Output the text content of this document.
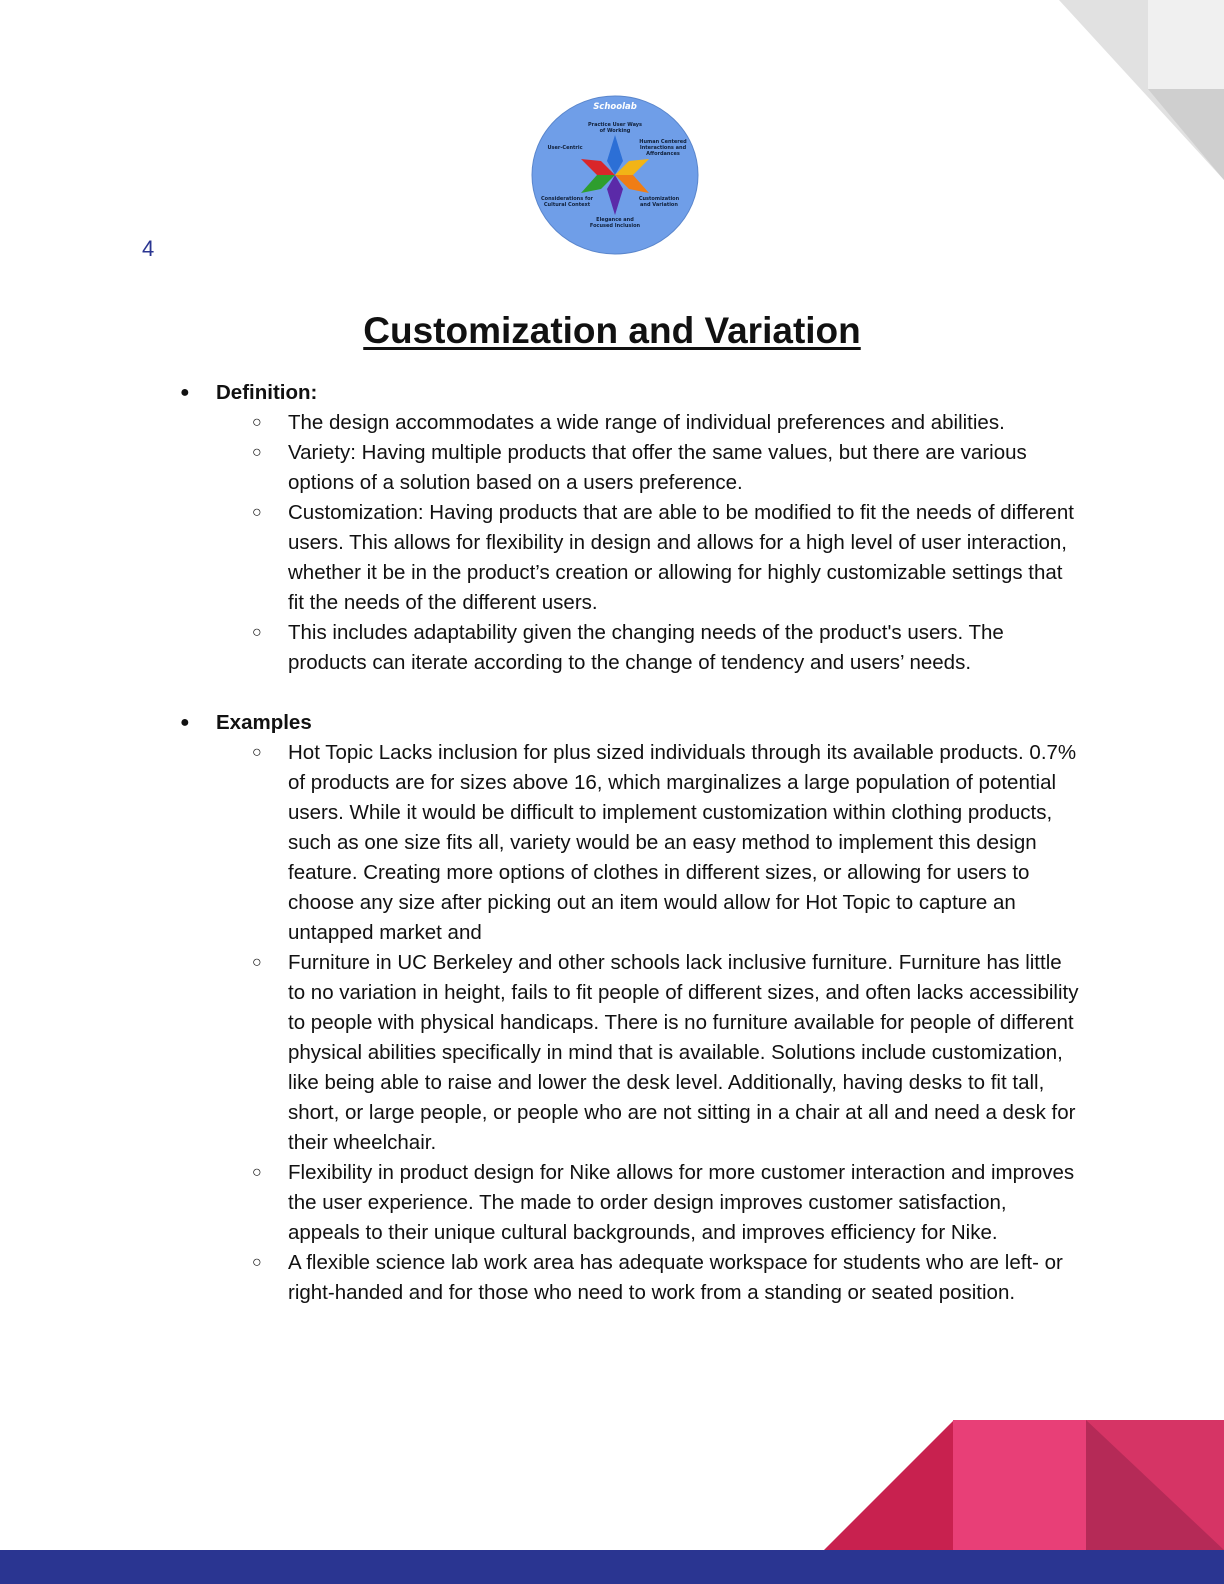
4
Schoolab
Practice User Ways
of Working
Human Centered
Interactions and
Affordances
User-Centric
Considerations for
Cultural Context
Customization
and Variation
Elegance and
Focused Inclusion
Customization and Variation
● Definition:
○ The design accommodates a wide range of individual preferences and abilities.
○ Variety: Having multiple products that offer the same values, but there are various options of a solution based on a users preference.
○ Customization: Having products that are able to be modified to fit the needs of different users. This allows for flexibility in design and allows for a high level of user interaction, whether it be in the product’s creation or allowing for highly customizable settings that fit the needs of the different users.
○ This includes adaptability given the changing needs of the product's users. The products can iterate according to the change of tendency and users’ needs.
● Examples
○ Hot Topic Lacks inclusion for plus sized individuals through its available products. 0.7% of products are for sizes above 16, which marginalizes a large population of potential users. While it would be difficult to implement customization within clothing products, such as one size fits all, variety would be an easy method to implement this design feature. Creating more options of clothes in different sizes, or allowing for users to choose any size after picking out an item would allow for Hot Topic to capture an untapped market and
○ Furniture in UC Berkeley and other schools lack inclusive furniture. Furniture has little to no variation in height, fails to fit people of different sizes, and often lacks accessibility to people with physical handicaps. There is no furniture available for people of different physical abilities specifically in mind that is available. Solutions include customization, like being able to raise and lower the desk level. Additionally, having desks to fit tall, short, or large people, or people who are not sitting in a chair at all and need a desk for their wheelchair.
○ Flexibility in product design for Nike allows for more customer interaction and improves the user experience. The made to order design improves customer satisfaction, appeals to their unique cultural backgrounds, and improves efficiency for Nike.
○ A flexible science lab work area has adequate workspace for students who are left- or right-handed and for those who need to work from a standing or seated position.
